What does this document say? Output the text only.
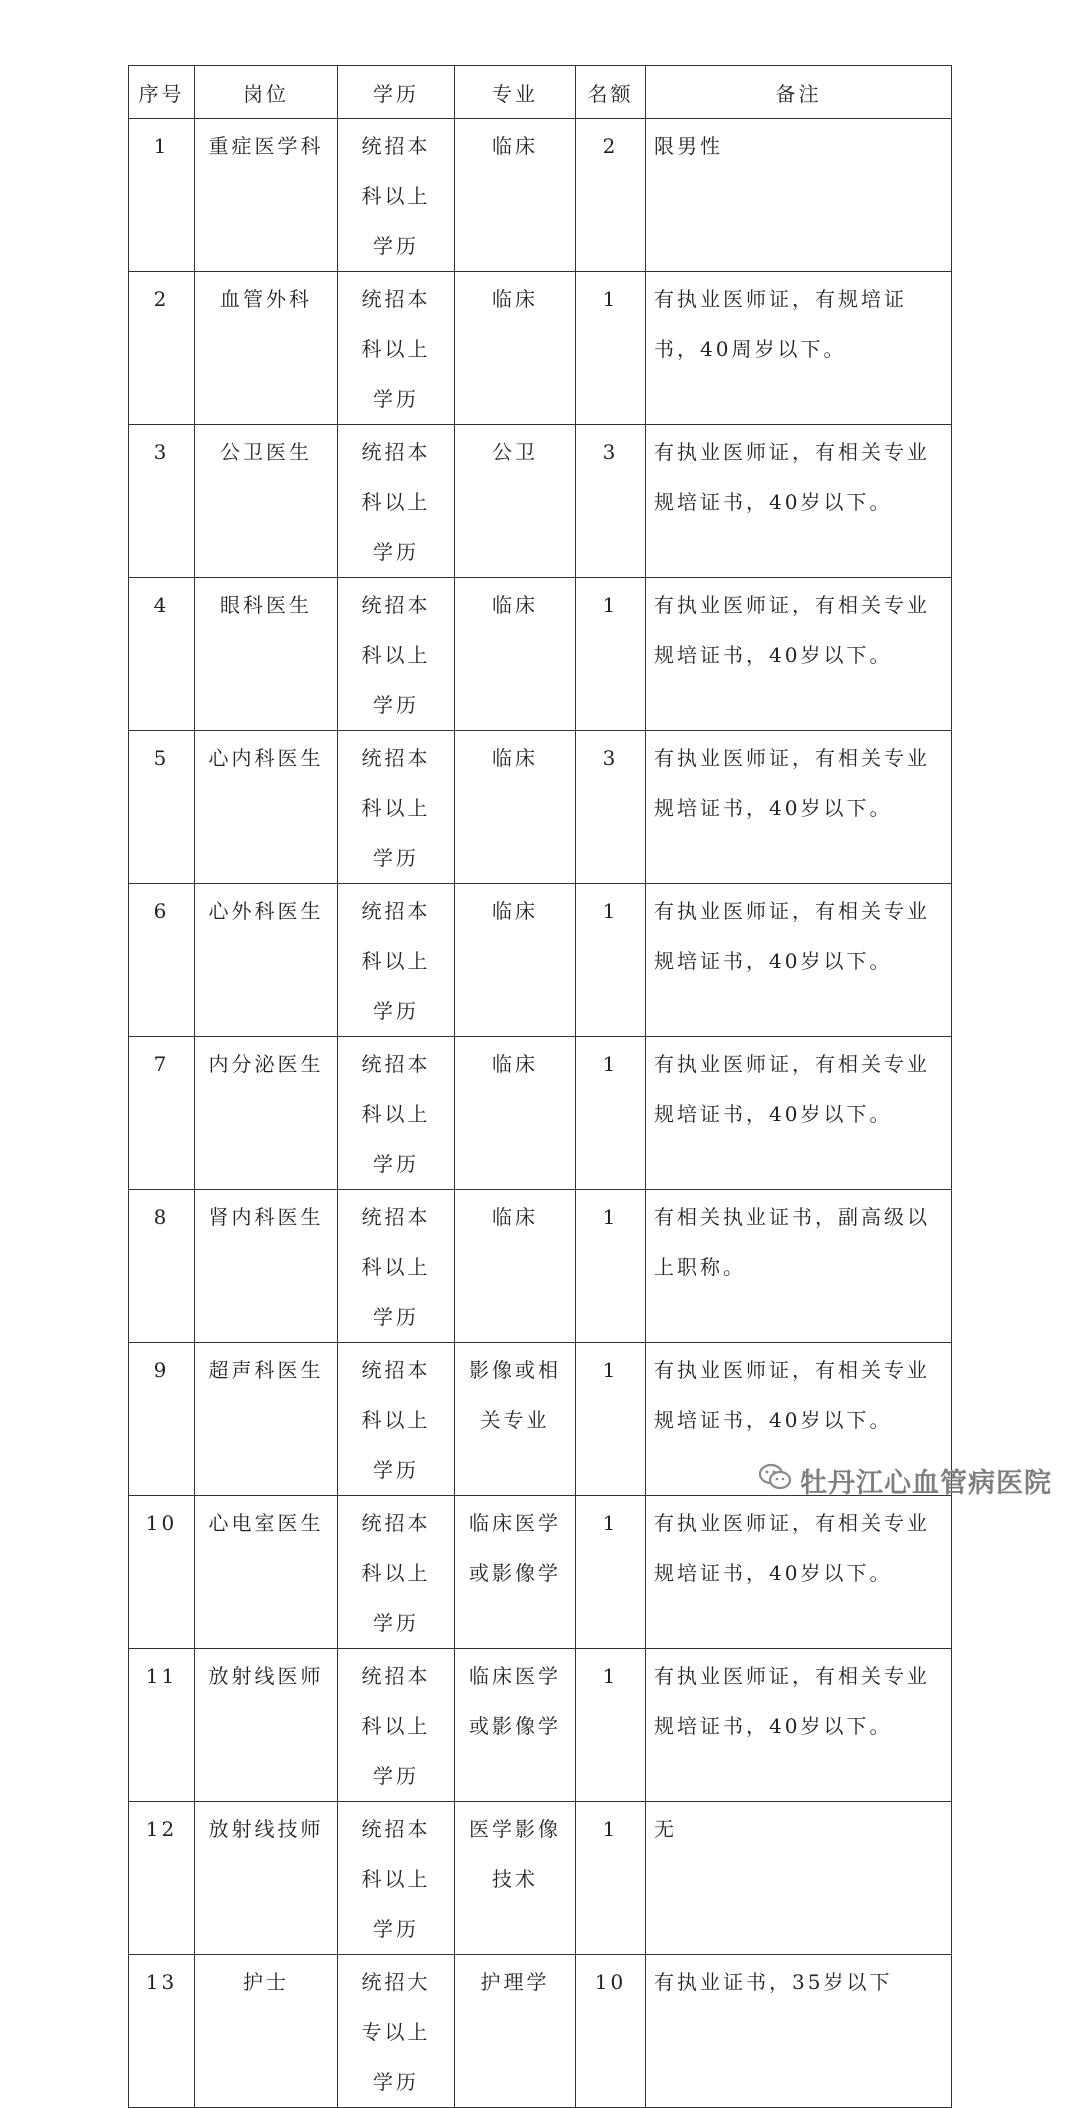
序号	岗位	学历	专业	名额	备注
1	重症医学科	统招本科以上学历	临床	2	限男性
2	血管外科	统招本科以上学历	临床	1	有执业医师证，有规培证书，40周岁以下。
3	公卫医生	统招本科以上学历	公卫	3	有执业医师证，有相关专业规培证书，40岁以下。
4	眼科医生	统招本科以上学历	临床	1	有执业医师证，有相关专业规培证书，40岁以下。
5	心内科医生	统招本科以上学历	临床	3	有执业医师证，有相关专业规培证书，40岁以下。
6	心外科医生	统招本科以上学历	临床	1	有执业医师证，有相关专业规培证书，40岁以下。
7	内分泌医生	统招本科以上学历	临床	1	有执业医师证，有相关专业规培证书，40岁以下。
8	肾内科医生	统招本科以上学历	临床	1	有相关执业证书，副高级以上职称。
9	超声科医生	统招本科以上学历	影像或相关专业	1	有执业医师证，有相关专业规培证书，40岁以下。
10	心电室医生	统招本科以上学历	临床医学或影像学	1	有执业医师证，有相关专业规培证书，40岁以下。
11	放射线医师	统招本科以上学历	临床医学或影像学	1	有执业医师证，有相关专业规培证书，40岁以下。
12	放射线技师	统招本科以上学历	医学影像技术	1	无
13	护士	统招大专以上学历	护理学	10	有执业证书，35岁以下
牡丹江心血管病医院
